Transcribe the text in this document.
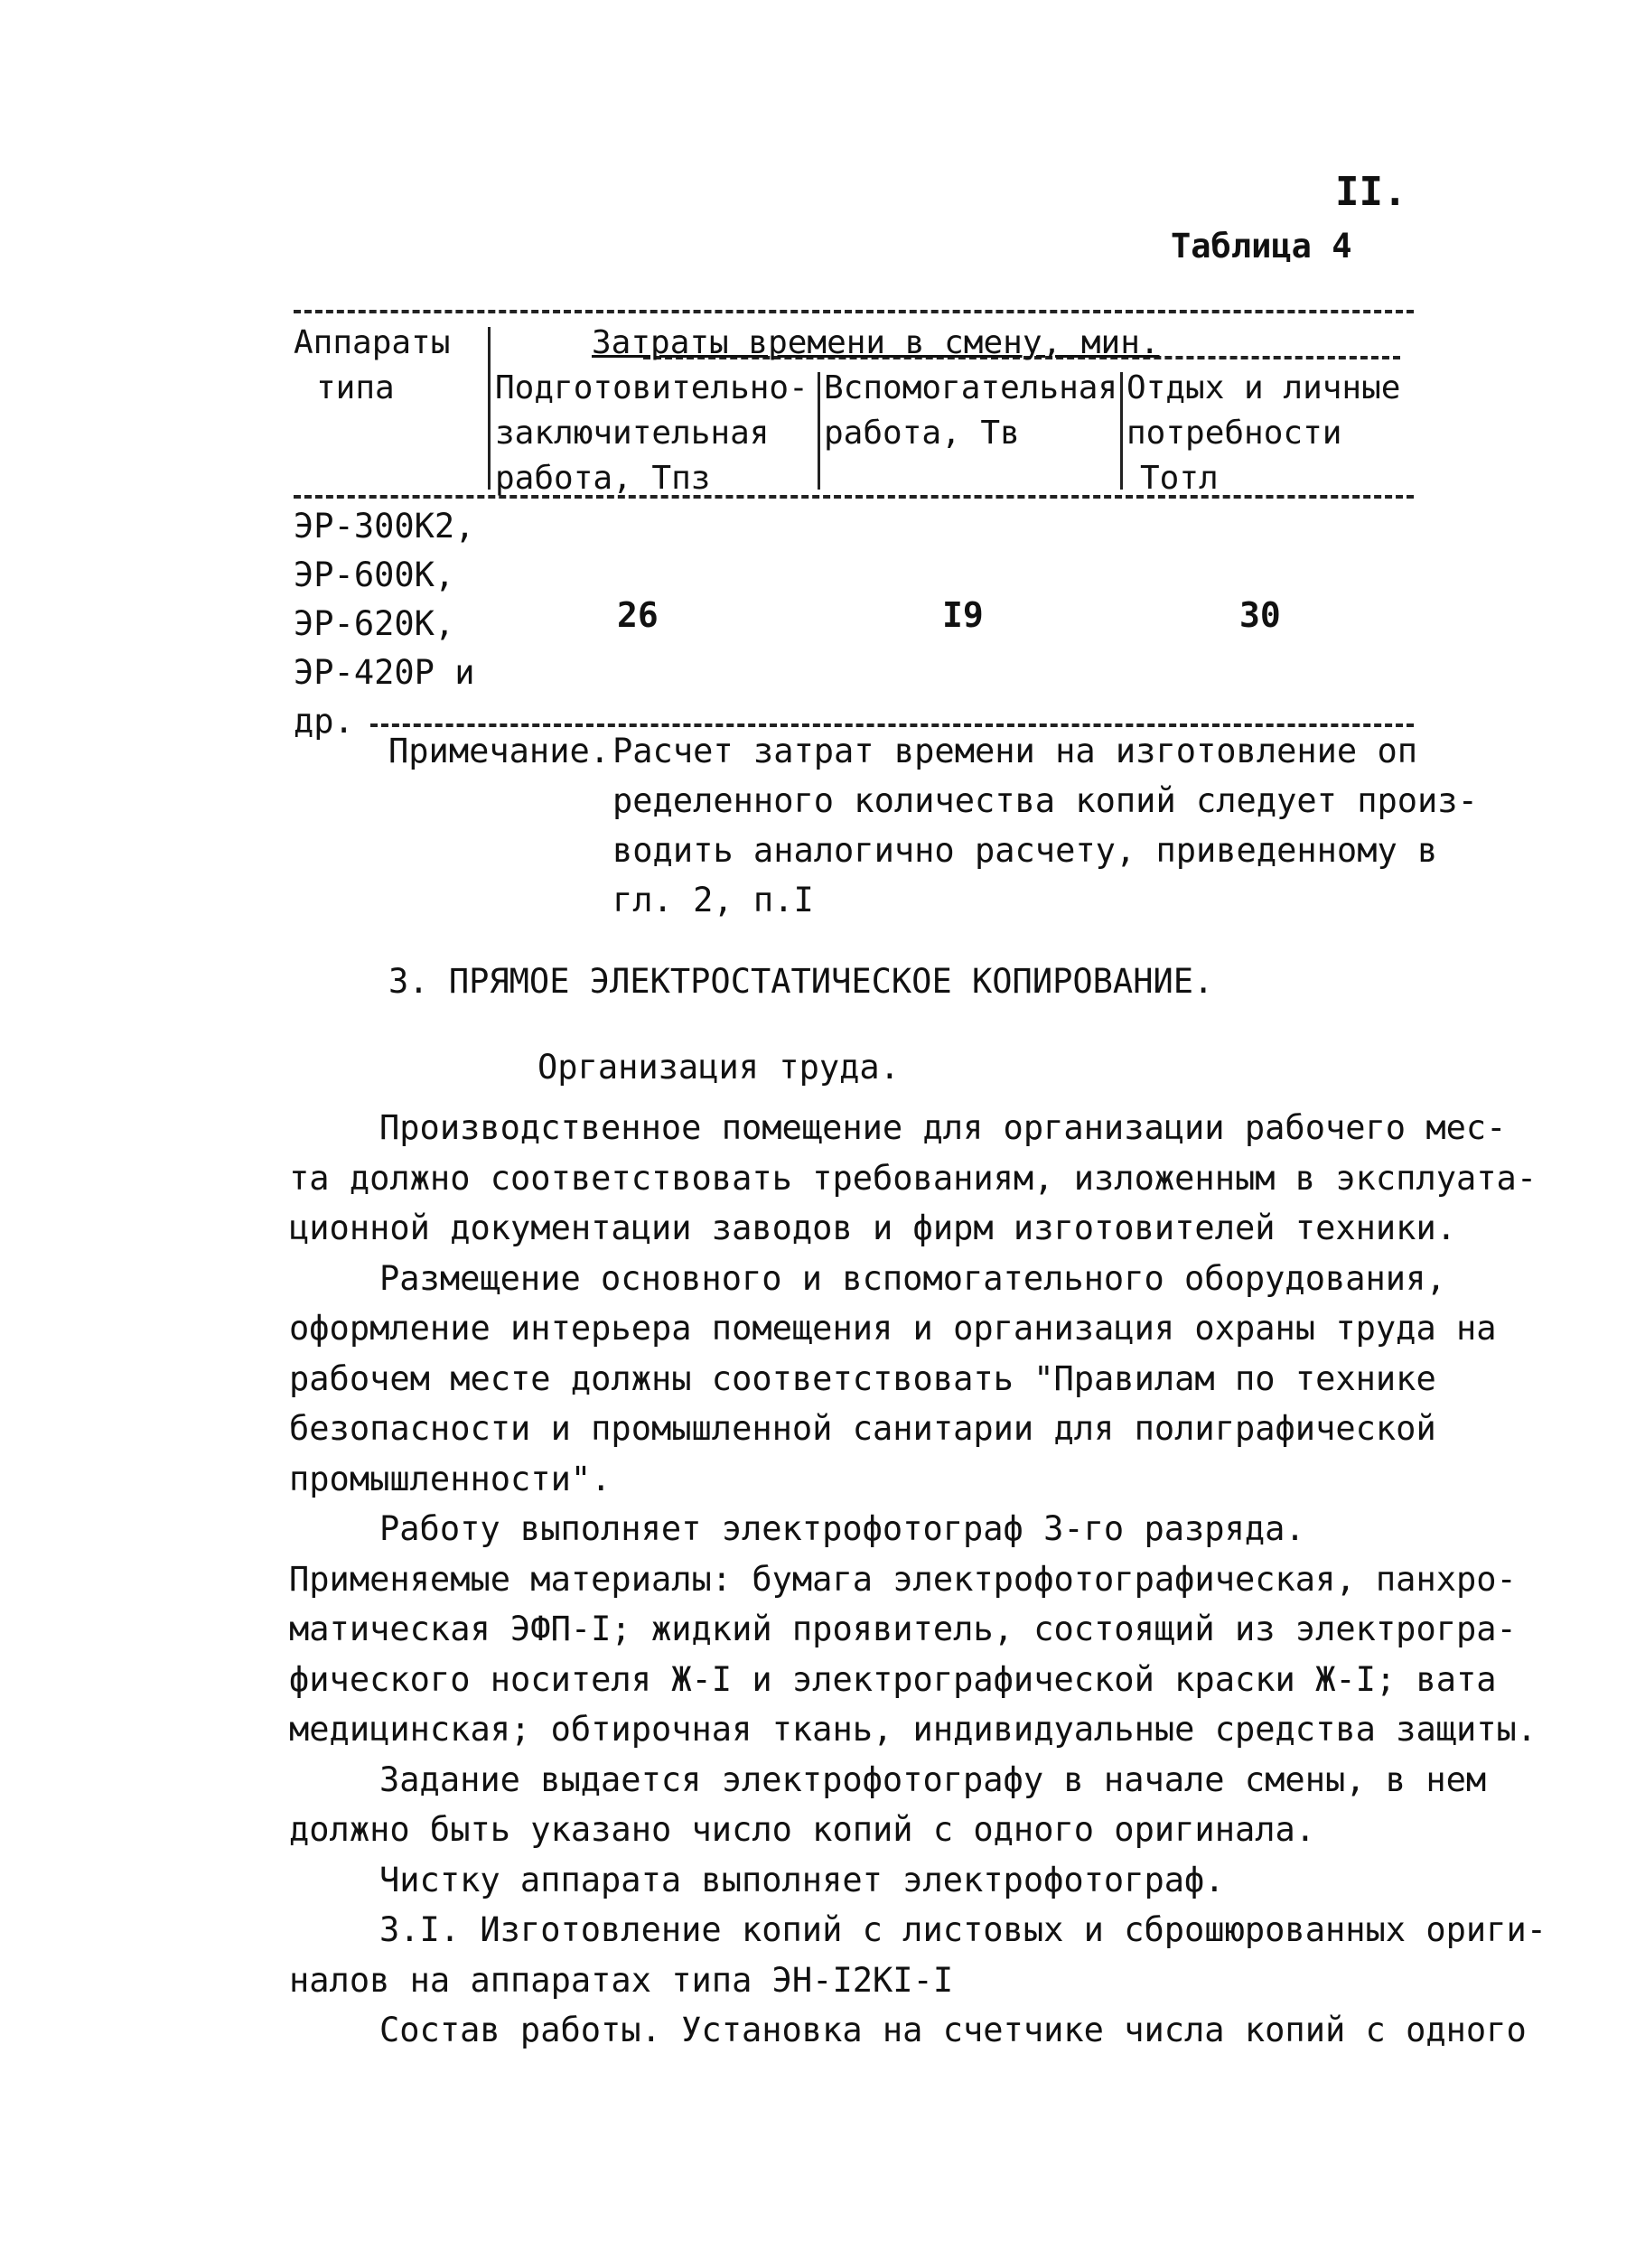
II.
Таблица 4
Аппараты
типа
Затраты времени в смену, мин.
Подготовительно-
заключительная
работа, Тпз
Вспомогательная
работа, Тв
Отдых и личные
потребности
Тотл
ЭР-300К2,
ЭР-600К,
ЭР-620К,
ЭР-420Р и
др.
26	I9	30
Примечание. Расчет затрат времени на изготовление оп
ределенного количества копий следует произ-
водить аналогично расчету, приведенному в
гл. 2, п.I
3. ПРЯМОЕ ЭЛЕКТРОСТАТИЧЕСКОЕ КОПИРОВАНИЕ.
Организация труда.
Производственное помещение для организации рабочего мес-
та должно соответствовать требованиям, изложенным в эксплуата-
ционной документации заводов и фирм изготовителей техники.
Размещение основного и вспомогательного оборудования,
оформление интерьера помещения и организация охраны труда на
рабочем месте должны соответствовать "Правилам по технике
безопасности и промышленной санитарии для полиграфической
промышленности".
Работу выполняет электрофотограф 3-го разряда.
Применяемые материалы: бумага электрофотографическая, панхро-
матическая ЭФП-I; жидкий проявитель, состоящий из электрогра-
фического носителя Ж-I и электрографической краски Ж-I; вата
медицинская; обтирочная ткань, индивидуальные средства защиты.
Задание выдается электрофотографу в начале смены, в нем
должно быть указано число копий с одного оригинала.
Чистку аппарата выполняет электрофотограф.
3.I. Изготовление копий с листовых и сброшюрованных ориги-
налов на аппаратах типа ЭН-I2КI-I
Состав работы. Установка на счетчике числа копий с одного
